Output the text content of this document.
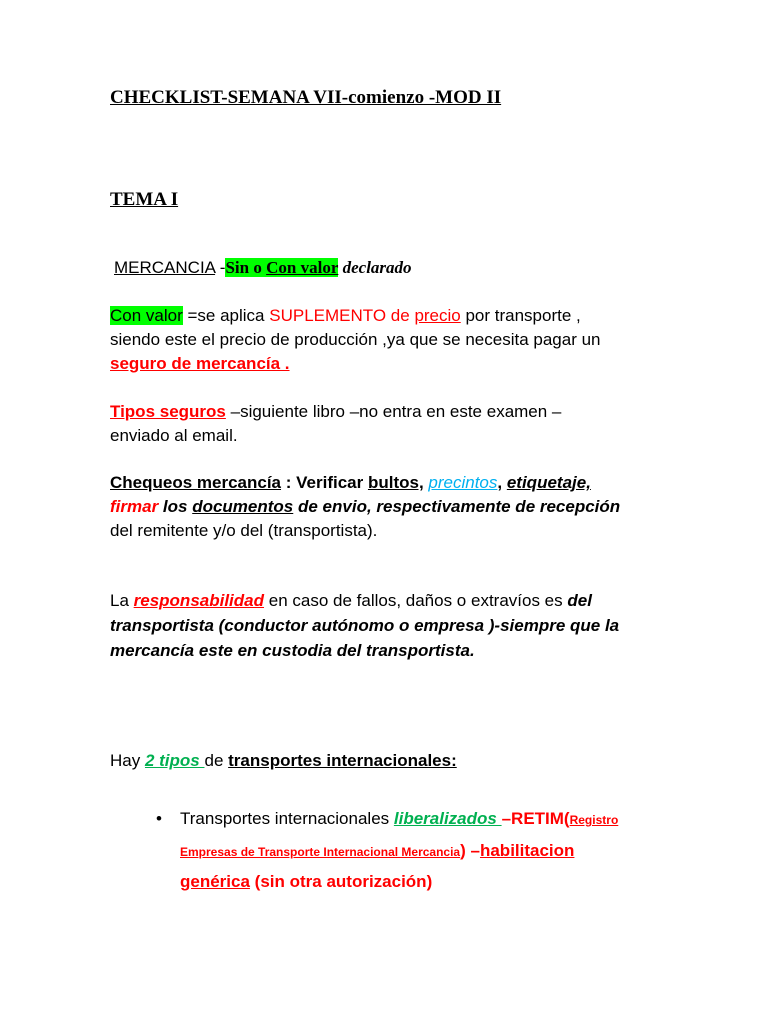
CHECKLIST-SEMANA VII-comienzo -MOD II
TEMA I
MERCANCIA -Sin o Con valor declarado
Con valor =se aplica SUPLEMENTO de precio por transporte ,
siendo este el precio de producción ,ya que se necesita pagar un
seguro de mercancía .
Tipos seguros –siguiente libro –no entra en este examen –
enviado al email.
Chequeos mercancía : Verificar bultos, precintos, etiquetaje,
firmar los documentos de envio, respectivamente de recepción
del remitente y/o del (transportista).
La responsabilidad en caso de fallos, daños o extravíos es del
transportista (conductor autónomo o empresa )-siempre que la
mercancía este en custodia del transportista.
Hay 2 tipos de transportes internacionales:
• Transportes internacionales liberalizados –RETIM(Registro
Empresas de Transporte Internacional Mercancia) –habilitacion
genérica (sin otra autorización)
